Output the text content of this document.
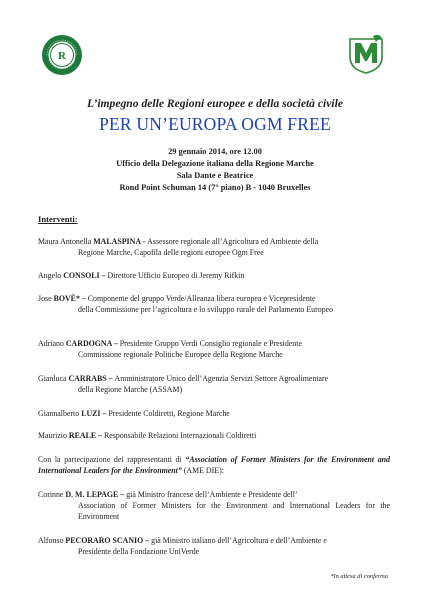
R
L’impegno delle Regioni europee e della società civile
PER UN’EUROPA OGM FREE
29 gennaio 2014, ore 12.00
Ufficio della Delegazione italiana della Regione Marche
Sala Dante e Beatrice
Rond Point Schuman 14 (7° piano) B - 1040 Bruxelles
Interventi:
Maura Antonella MALASPINA - Assessore regionale all’Agricoltura ed Ambiente della
Regione Marche, Capofila delle regioni europee Ogm Free
Angelo CONSOLI – Direttore Ufficio Europeo di Jeremy Rifkin
Jose BOVÈ* – Componente del gruppo Verde/Alleanza libera europea e Vicepresidente
della Commissione per l’agricoltura e lo sviluppo rurale del Parlamento Europeo
Adriano CARDOGNA – Presidente Gruppo Verdi Consiglio regionale e Presidente
Commissione regionale Politiche Europee della Regione Marche
Gianluca CARRABS – Amministratore Unico dell’Agenzia Servizi Settore Agroalimentare
della Regione Marche (ASSAM)
Giannalberto LUZI – Presidente Coldiretti, Regione Marche
Maurizio REALE – Responsabile Relazioni Internazionali Coldiretti
Con la partecipazione dei rappresentanti di “Association of Former Ministers for the Environment and International Leaders for the Environment” (AME DIE):
Corinne D. M. LEPAGE – già Ministro francese dell’Ambiente e Presidente dell’
Association of Former Ministers for the Environment and International Leaders for the Environment
Alfonso PECORARO SCANIO – già Ministro italiano dell’Agricoltura e dell’Ambiente e
Presidente della Fondazione UniVerde
*In attesa di conferma
